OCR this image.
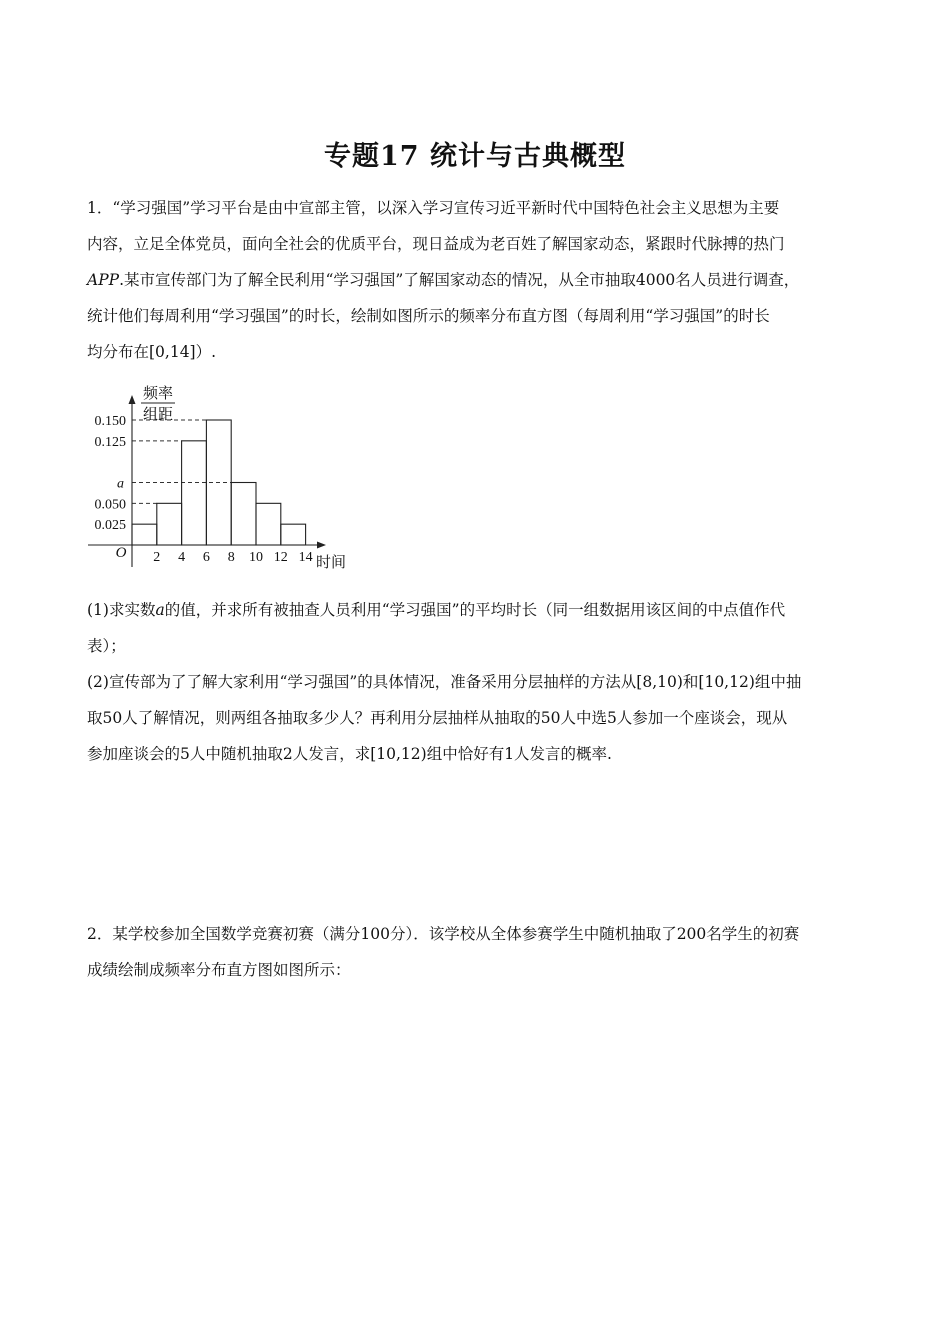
专题17 统计与古典概型
1．“学习强国”学习平台是由中宣部主管，以深入学习宣传习近平新时代中国特色社会主义思想为主要
内容，立足全体党员，面向全社会的优质平台，现日益成为老百姓了解国家动态，紧跟时代脉搏的热门
APP.某市宣传部门为了解全民利用“学习强国”了解国家动态的情况，从全市抽取4000名人员进行调查，
统计他们每周利用“学习强国”的时长，绘制如图所示的频率分布直方图（每周利用“学习强国”的时长
均分布在[0,14]）.
频率
组距
0.150
0.125
a
0.050
0.025
2 4 6 8 10 12 14
O
时间
(1)求实数a的值，并求所有被抽查人员利用“学习强国”的平均时长（同一组数据用该区间的中点值作代
表）；
(2)宣传部为了了解大家利用“学习强国”的具体情况，准备采用分层抽样的方法从[8,10)和[10,12)组中抽
取50人了解情况，则两组各抽取多少人？再利用分层抽样从抽取的50人中选5人参加一个座谈会，现从
参加座谈会的5人中随机抽取2人发言，求[10,12)组中恰好有1人发言的概率.
2．某学校参加全国数学竞赛初赛（满分100分）．该学校从全体参赛学生中随机抽取了200名学生的初赛
成绩绘制成频率分布直方图如图所示：
